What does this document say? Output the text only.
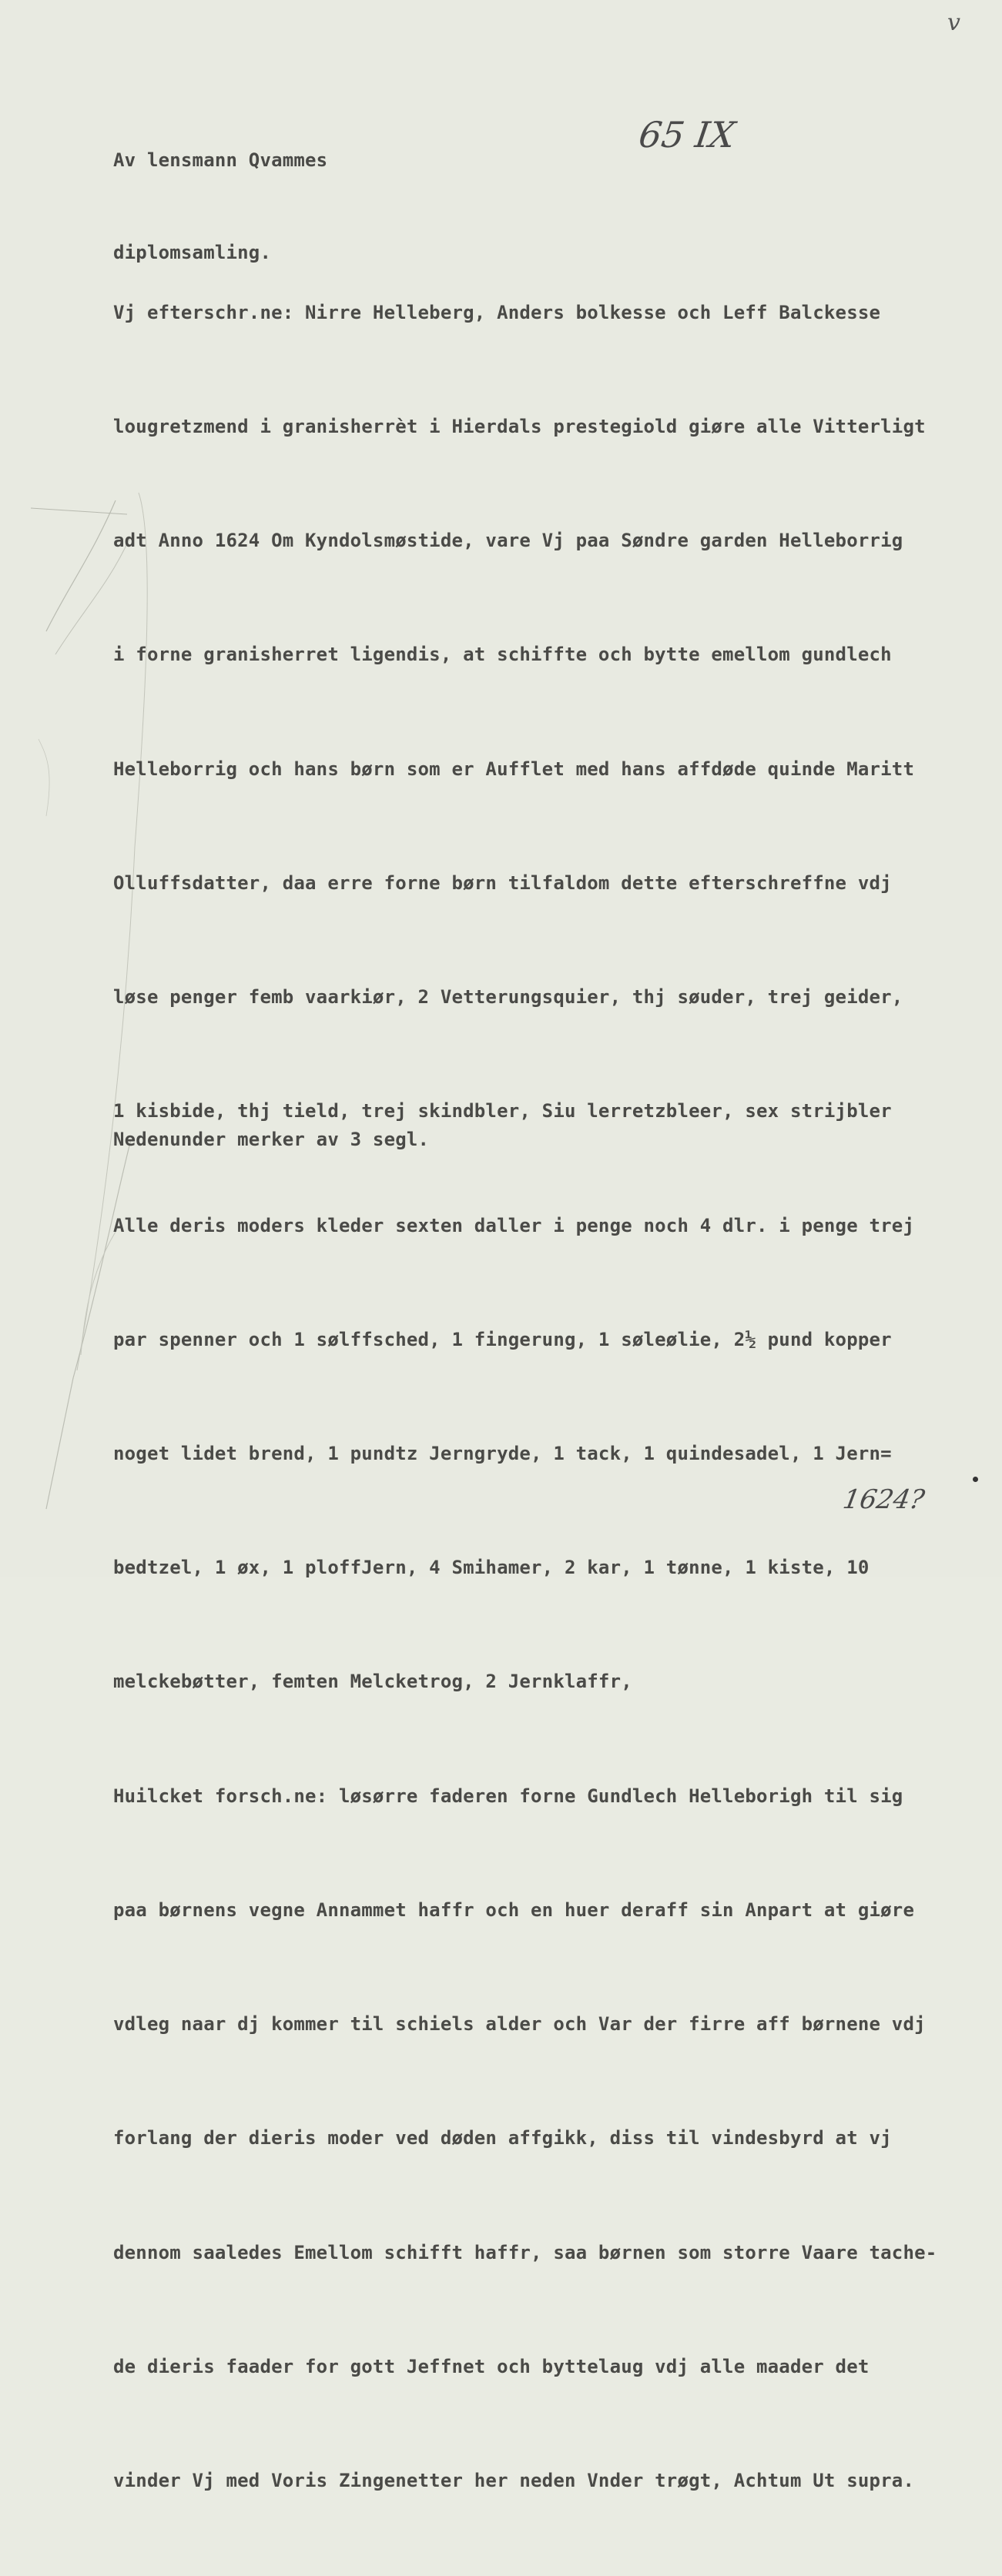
Av lensmann Qvammes

diplomsamling.

65 IX
v

Vj efterschr.ne: Nirre Helleberg, Anders bolkesse och Leff Balckesse

lougretzmend i granisherrèt i Hierdals prestegiold giøre alle Vitterligt

adt Anno 1624 Om Kyndolsmøstide, vare Vj paa Søndre garden Helleborrig

i forne granisherret ligendis, at schiffte och bytte emellom gundlech

Helleborrig och hans børn som er Aufflet med hans affdøde quinde Maritt

Olluffsdatter, daa erre forne børn tilfaldom dette efterschreffne vdj

løse penger femb vaarkiør, 2 Vetterungsquier, thj søuder, trej geider,

1 kisbide, thj tield, trej skindbler, Siu lerretzbleer, sex strijbler

Alle deris moders kleder sexten daller i penge noch 4 dlr. i penge trej

par spenner och 1 sølffsched, 1 fingerung, 1 søleølie, 2½ pund kopper

noget lidet brend, 1 pundtz Jerngryde, 1 tack, 1 quindesadel, 1 Jern=

bedtzel, 1 øx, 1 ploffJern, 4 Smihamer, 2 kar, 1 tønne, 1 kiste, 10

melckebøtter, femten Melcketrog, 2 Jernklaffr,

Huilcket forsch.ne: løsørre faderen forne Gundlech Helleborigh til sig

paa børnens vegne Annammet haffr och en huer deraff sin Anpart at giøre

vdleg naar dj kommer til schiels alder och Var der firre aff børnene vdj

forlang der dieris moder ved døden affgikk, diss til vindesbyrd at vj

dennom saaledes Emellom schifft haffr, saa børnen som storre Vaare tache-

de dieris faader for gott Jeffnet och byttelaug vdj alle maader det

vinder Vj med Voris Zingenetter her neden Vnder trøgt, Achtum Ut supra.

Nedenunder merker av 3 segl.
1624?
